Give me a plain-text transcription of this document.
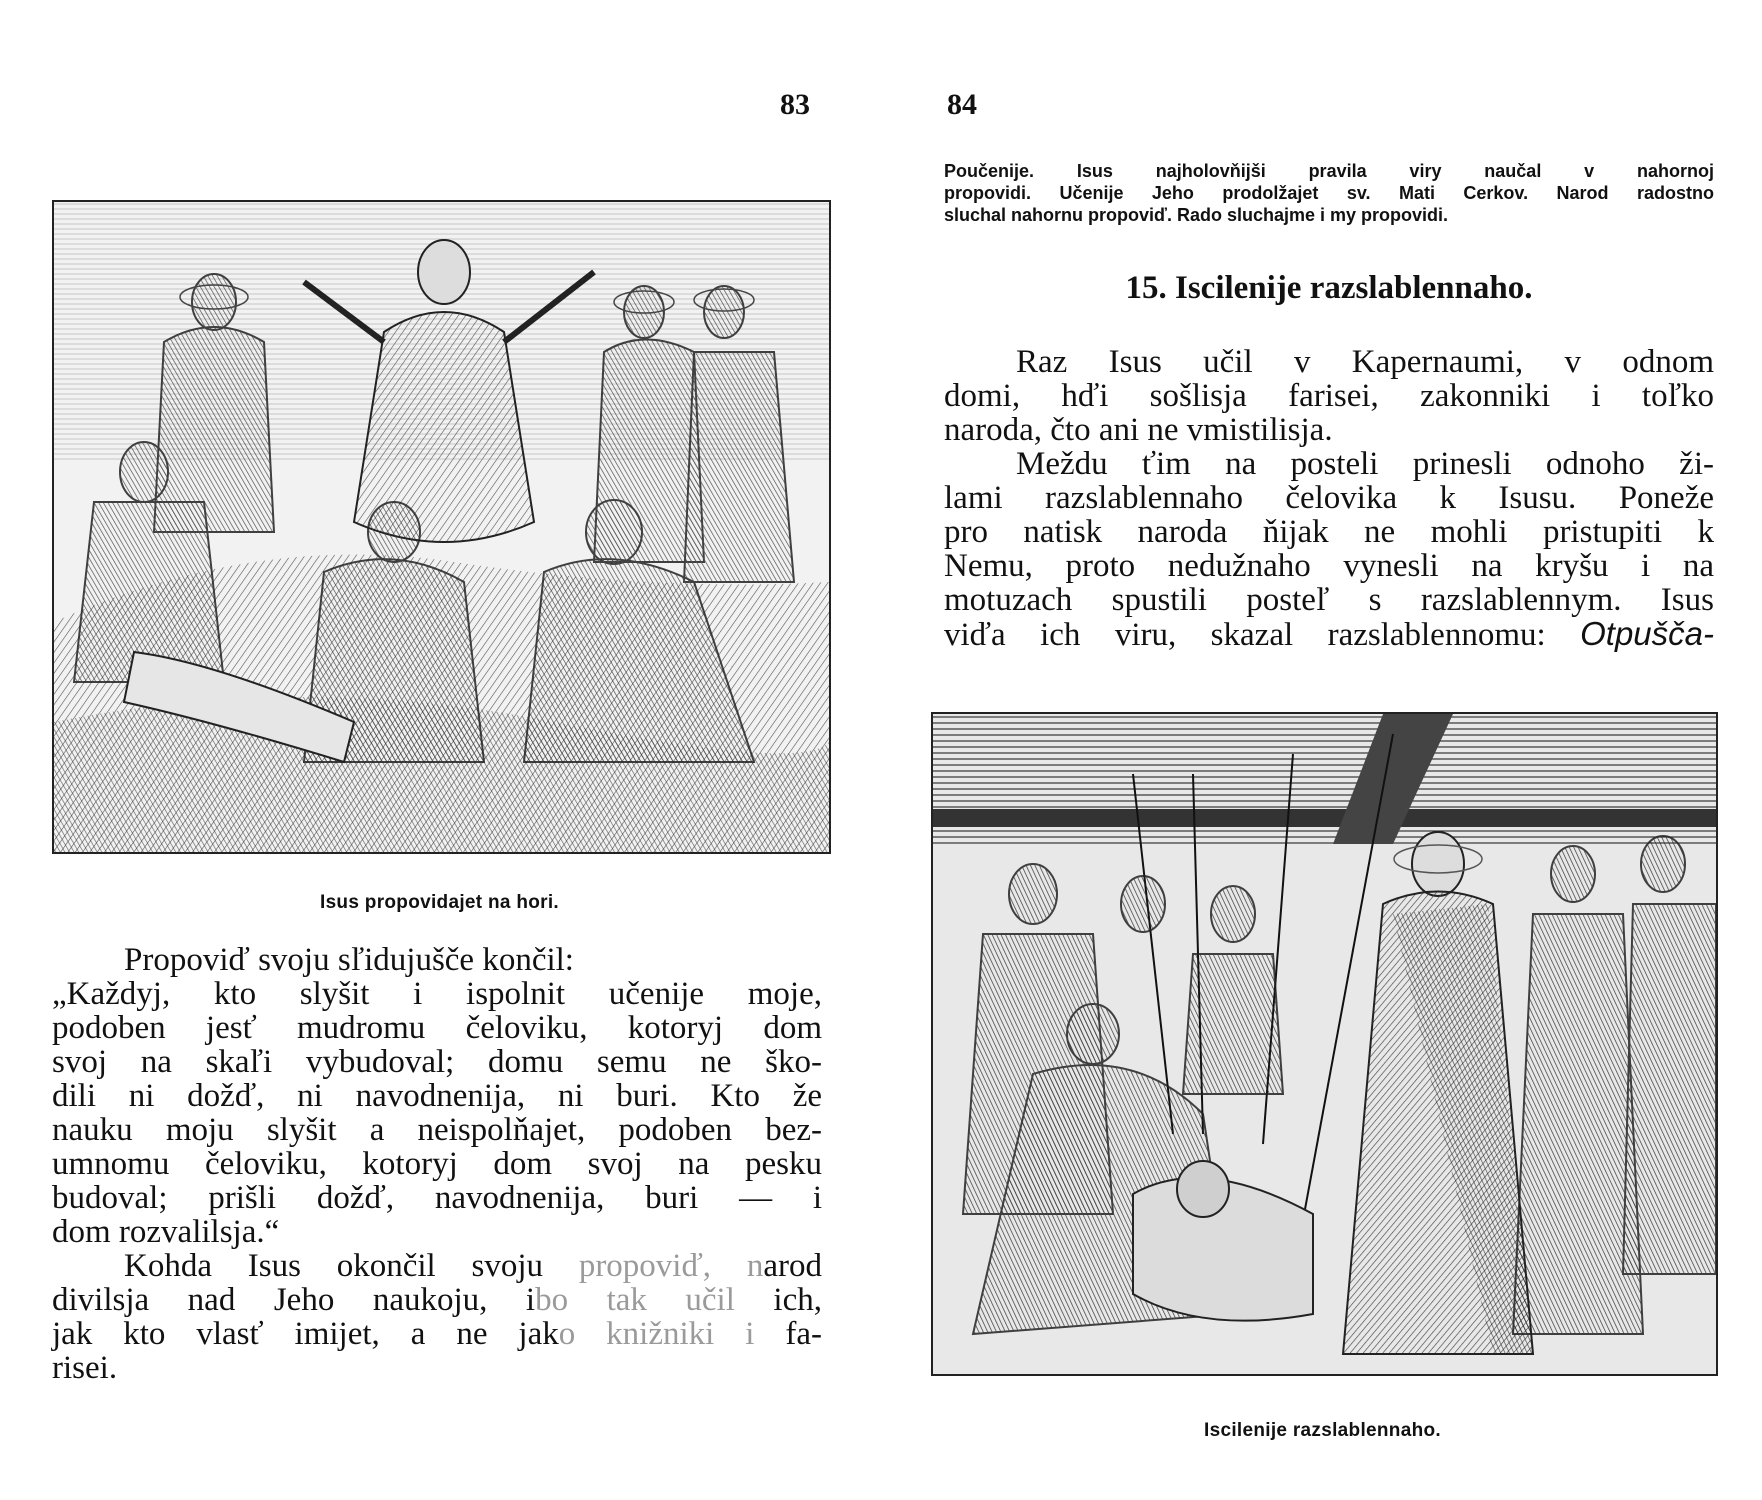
83
Isus propovidajet na hori.
Propoviď svoju sľidujušče končil:
„Každyj, kto slyšit i ispolnit učenije moje,
podoben jesť mudromu čeloviku, kotoryj dom
svoj na skaľi vybudoval; domu semu ne ško-
dili ni dožď, ni navodnenija, ni buri. Kto že
nauku moju slyšit a neispolňajet, podoben bez-
umnomu čeloviku, kotoryj dom svoj na pesku
budoval; prišli dožď, navodnenija, buri — i
dom rozvalilsja.“
Kohda Isus okončil svoju propoviď, narod
divilsja nad Jeho naukoju, ibo tak učil ich,
jak kto vlasť imijet, a ne jako knižniki i fa-
risei.
84
Poučenije. Isus najholovňijši pravila viry naučal v nahornoj
propovidi. Učenije Jeho prodolžajet sv. Mati Cerkov. Narod radostno
sluchal nahornu propoviď. Rado sluchajme i my propovidi.
15. Iscilenije razslablennaho.
Raz Isus učil v Kapernaumi, v odnom
domi, hďi sošlisja farisei, zakonniki i toľko
naroda, čto ani ne vmistilisja.
Meždu ťim na posteli prinesli odnoho ži-
lami razslablennaho čelovika k Isusu. Poneže
pro natisk naroda ňijak ne mohli pristupiti k
Nemu, proto nedužnaho vynesli na kryšu i na
motuzach spustili posteľ s razslablennym. Isus
viďa ich viru, skazal razslablennomu: Otpušča-
Iscilenije razslablennaho.
